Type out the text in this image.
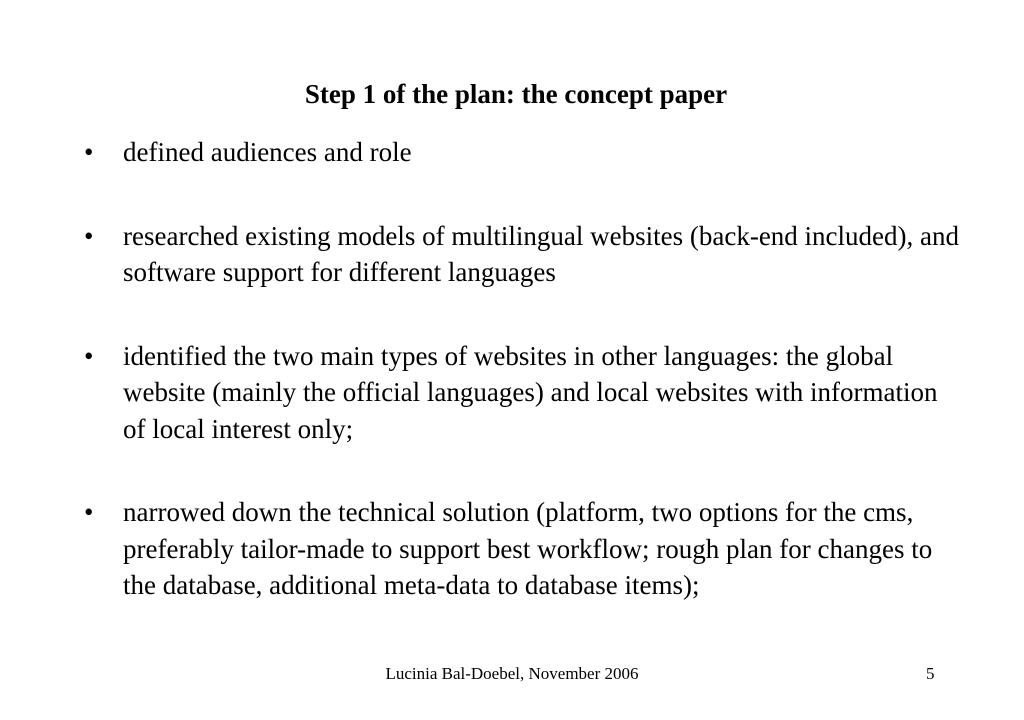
Step 1 of the plan: the concept paper
• defined audiences and role
• researched existing models of multilingual websites (back-end included), and software support for different languages
• identified the two main types of websites in other languages: the global website (mainly the official languages) and local websites with information of local interest only;
• narrowed down the technical solution (platform, two options for the cms, preferably tailor-made to support best workflow; rough plan for changes to the database, additional meta-data to database items);
Lucinia Bal-Doebel, November 2006	5
